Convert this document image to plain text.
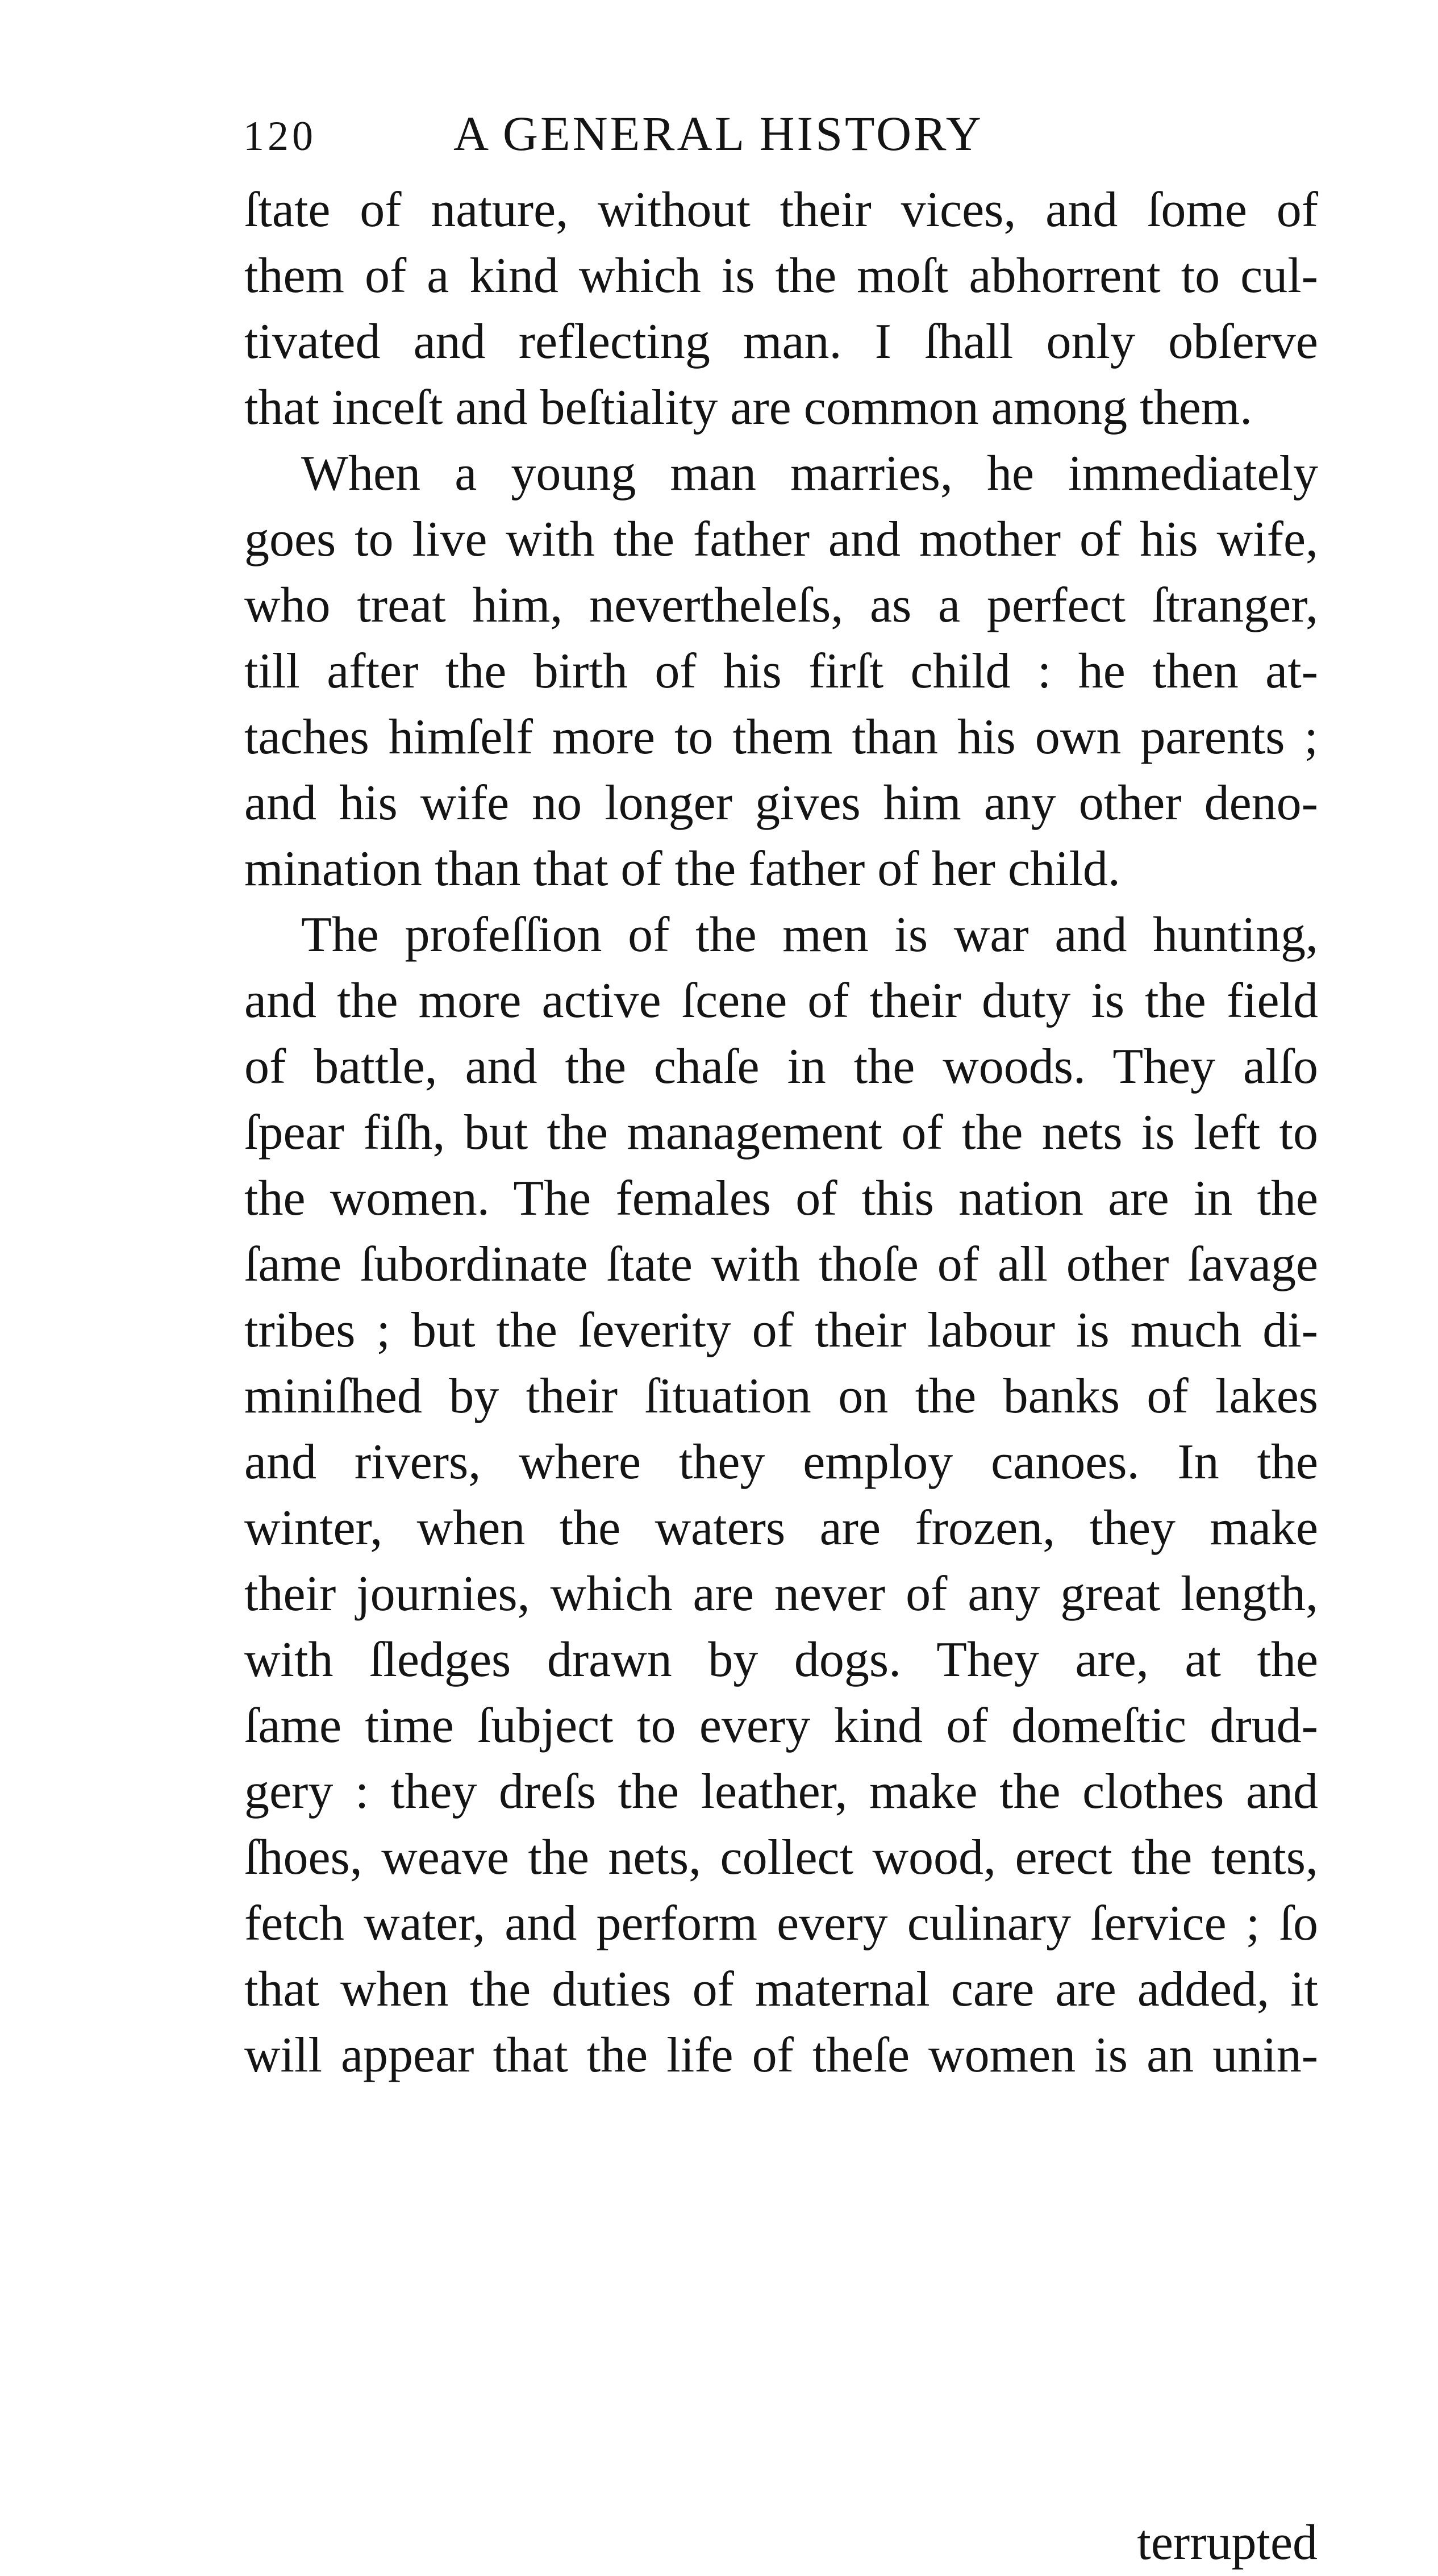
120	A GENERAL HISTORY
ſtate of nature, without their vices, and ſome of
them of a kind which is the moſt abhorrent to cul-
tivated and reflecting man. I ſhall only obſerve
that inceſt and beſtiality are common among them.
When a young man marries, he immediately
goes to live with the father and mother of his wife,
who treat him, nevertheleſs, as a perfect ſtranger,
till after the birth of his firſt child : he then at-
taches himſelf more to them than his own parents ;
and his wife no longer gives him any other deno-
mination than that of the father of her child.
The profeſſion of the men is war and hunting,
and the more active ſcene of their duty is the field
of battle, and the chaſe in the woods. They alſo
ſpear fiſh, but the management of the nets is left to
the women. The females of this nation are in the
ſame ſubordinate ſtate with thoſe of all other ſavage
tribes ; but the ſeverity of their labour is much di-
miniſhed by their ſituation on the banks of lakes
and rivers, where they employ canoes. In the
winter, when the waters are frozen, they make
their journies, which are never of any great length,
with ſledges drawn by dogs. They are, at the
ſame time ſubject to every kind of domeſtic drud-
gery : they dreſs the leather, make the clothes and
ſhoes, weave the nets, collect wood, erect the tents,
fetch water, and perform every culinary ſervice ; ſo
that when the duties of maternal care are added, it
will appear that the life of theſe women is an unin-
terrupted
